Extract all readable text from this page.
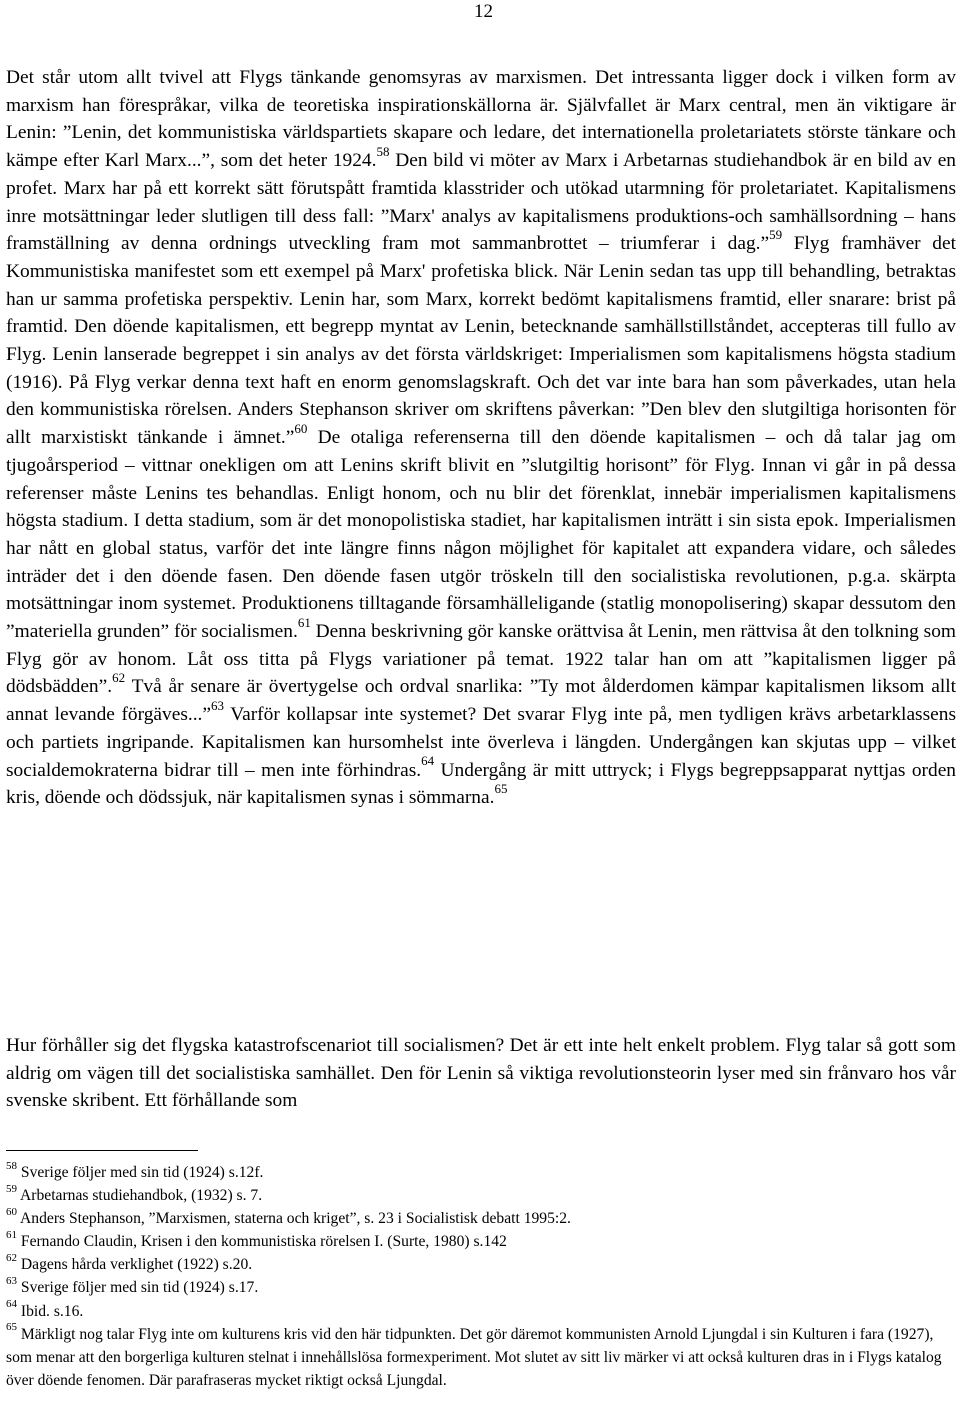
12

Det står utom allt tvivel att Flygs tänkande genomsyras av marxismen. Det intressanta ligger dock i vilken form av marxism han förespråkar, vilka de teoretiska inspirationskällorna är. Självfallet är Marx central, men än viktigare är Lenin: ”Lenin, det kommunistiska världspartiets skapare och ledare, det internationella proletariatets störste tänkare och kämpe efter Karl Marx...”, som det heter 1924.58 Den bild vi möter av Marx i Arbetarnas studiehandbok är en bild av en profet. Marx har på ett korrekt sätt förutspått framtida klasstrider och utökad utarmning för proletariatet. Kapitalismens inre motsättningar leder slutligen till dess fall: ”Marx' analys av kapitalismens produktions-och samhällsordning – hans framställning av denna ordnings utveckling fram mot sammanbrottet – triumferar i dag.”$^{59}$ Flyg framhäver det Kommunistiska manifestet som ett exempel på Marx' profetiska blick. När Lenin sedan tas upp till behandling, betraktas han ur samma profetiska perspektiv. Lenin har, som Marx, korrekt bedömt kapitalismens framtid, eller snarare: brist på framtid. Den döende kapitalismen, ett begrepp myntat av Lenin, betecknande samhällstillståndet, accepteras till fullo av Flyg. Lenin lanserade begreppet i sin analys av det första världskriget: Imperialismen som kapitalismens högsta stadium (1916). På Flyg verkar denna text haft en enorm genomslagskraft. Och det var inte bara han som påverkades, utan hela den kommunistiska rörelsen. Anders Stephanson skriver om skriftens påverkan: ”Den blev den slutgiltiga horisonten för allt marxistiskt tänkande i ämnet.”$^{60}$ De otaliga referenserna till den döende kapitalismen – och då talar jag om tjugoårsperiod – vittnar onekligen om att Lenins skrift blivit en ”slutgiltig horisont” för Flyg. Innan vi går in på dessa referenser måste Lenins tes behandlas. Enligt honom, och nu blir det förenklat, innebär imperialismen kapitalismens högsta stadium. I detta stadium, som är det monopolistiska stadiet, har kapitalismen inträtt i sin sista epok. Imperialismen har nått en global status, varför det inte längre finns någon möjlighet för kapitalet att expandera vidare, och således inträder det i den döende fasen. Den döende fasen utgör tröskeln till den socialistiska revolutionen, p.g.a. skärpta motsättningar inom systemet. Produktionens tilltagande församhälleligande (statlig monopolisering) skapar dessutom den ”materiella grunden” för socialismen.$^{61}$ Denna beskrivning gör kanske orättvisa åt Lenin, men rättvisa åt den tolkning som Flyg gör av honom. Låt oss titta på Flygs variationer på temat. 1922 talar han om att ”kapitalismen ligger på dödsbädden”.$^{62}$ Två år senare är övertygelse och ordval snarlika: ”Ty mot ålderdomen kämpar kapitalismen liksom allt annat levande förgäves...”$^{63}$ Varför kollapsar inte systemet? Det svarar Flyg inte på, men tydligen krävs arbetarklassens och partiets ingripande. Kapitalismen kan hursomhelst inte överleva i längden. Undergången kan skjutas upp – vilket socialdemokraterna bidrar till – men inte förhindras.$^{64}$ Undergång är mitt uttryck; i Flygs begreppsapparat nyttjas orden kris, döende och dödssjuk, när kapitalismen synas i sömmarna.$^{65}$

Hur förhåller sig det flygska katastrofscenariot till socialismen? Det är ett inte helt enkelt problem. Flyg talar så gott som aldrig om vägen till det socialistiska samhället. Den för Lenin så viktiga revolutionsteorin lyser med sin frånvaro hos vår svenske skribent. Ett förhållande som

$^{58}$ Sverige följer med sin tid (1924) s.12f.
$^{59}$ Arbetarnas studiehandbok, (1932) s. 7.
$^{60}$ Anders Stephanson, ”Marxismen, staterna och kriget”, s. 23 i Socialistisk debatt 1995:2.
$^{61}$ Fernando Claudin, Krisen i den kommunistiska rörelsen I. (Surte, 1980) s.142
$^{62}$ Dagens hårda verklighet (1922) s.20.
$^{63}$ Sverige följer med sin tid (1924) s.17.
$^{64}$ Ibid. s.16.
$^{65}$ Märkligt nog talar Flyg inte om kulturens kris vid den här tidpunkten. Det gör däremot kommunisten Arnold Ljungdal i sin Kulturen i fara (1927), som menar att den borgerliga kulturen stelnat i innehållslösa formexperiment. Mot slutet av sitt liv märker vi att också kulturen dras in i Flygs katalog över döende fenomen. Där parafraseras mycket riktigt också Ljungdal.
